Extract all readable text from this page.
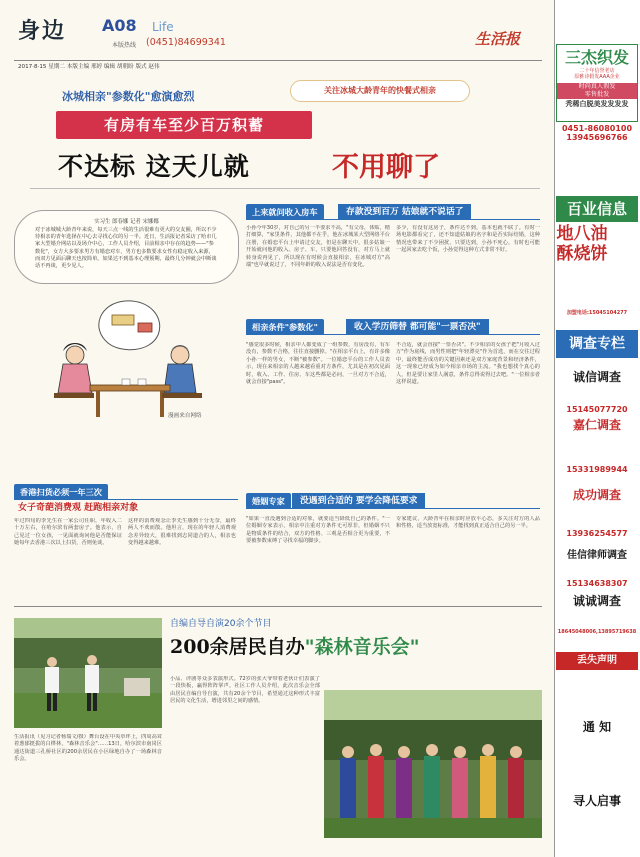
身边 A08 Life
本版热线 (0451)84699341	生活报
2017·8·15 星期二 本版主编 邢婷 编辑 胡朝盼 版式 赵伟
冰城相亲"参数化"愈演愈烈	关注冰城大龄青年的快餐式相亲
有房有车至少百万积蓄
不达标 这天儿就	不用聊了
实习生 郎春娜 记者 宋娜娜
对于冰城城大龄青年来说，每天三点一线的生活很难有更大的交友圈，所以不少待相亲的青年选择在中心去寻找心仪的另一半。近日，生活报记者采访了哈市几家大型婚介网站以及场介中心，工作人员介绍，目前相亲中存在的趋势——"参数化"，女方大多要求男方有婚恋对车，男方也多数要求女性有稳定收入来源，而双方见面后聊天也按简单。如果达不到基本心理预期，最终几分钟就会中断谈话不再谈，更少见人。
漫画来自网络
上来就问收入房车	存款没到百万 姑娘就不说话了
小孙今年30岁，对自己的另一半要求不高，"有父母，体贴，精打细算，"家里条件，其他都不在乎，他在冰城某大型网络平台注册，在婚恋平台上申请过交友，但是在聊天中，很多姑娘一开始就问他的收入、房子、车，只要他回答没有，对方马上就转身说再见了，所以现在有时候会直接相亲，在冰城对方"高端"也早就说过了，不同年龄的收入说法是否有变化。
多少，有没有这房子，条件达不到，基本也就不联了。有时一场电影都看完了，还不知道姑娘的名字和是否实际结婚，这种情况也带来了不少困扰，只要达到，小孙不死心，有时也可能一起回家去吃个饭，小孙觉得这种方式非常不好。
相亲条件"参数化"	收入学历筛替 都可能"一票否决"
"感觉很多时候，相亲中人都变成了一组参数，有房没有，有车没有，参数不合格，往往直接删掉。"在相亲平台上，有许多像小孙一样的男女，不断"被参数"。一位婚恋平台的工作人员表示，现在来相亲的人越来越看重对方条件，尤其是在初次见面时，收入、工作、住房、车这些都是必问，一旦对方不合适，就会直接"pass"。
不合适，就会直接"一票否决"。不少相亲的女孩子把"月收入过万"作为底线，而男性则把"年轻漂亮"作为首选，而在交往过程中，最终能否成功的关键因素还是双方家庭背景和经济条件，这一现象已经成为如今相亲市场的主流。"我也想找个真心的人，但是要让家里人满意，条件总得说得过去吧。"一位相亲者这样说道。
香港扫货必须一年三次
女子奇葩消费观 赶跑相亲对象
年过四旬的李先生在一家公司任职，年收入二十万左右，在哈尔滨有两套房子。他表示，自己见过一位女孩，一见面就询问他是否能保证她每年去香港三次以上扫货，否则免谈。
这样的消费观念让李先生感到十分无奈，最终两人不欢而散。他坦言，现在的年轻人消费观念差异较大，很难找到志同道合的人，相亲也变得越来越难。
婚姻专家	没遇到合适的 要学会降低要求
"如果一直没遇到合适的对象，就要适当降低自己的条件。"一位婚姻专家表示，相亲中注重对方条件无可厚非，但婚姻不只是物质条件的结合，双方的性格、三观是否相合更为重要，不要被参数束缚了寻找幸福的脚步。
专家建议，大龄青年在相亲时应放平心态，多关注对方的人品和性格，适当放宽标准，才能找到真正适合自己的另一半。
生活报讯（见习记者杨瑞文/摄）舞台设在中央草坪上，四周高耸着葱郁挺拔的白桦林，"森林音乐会"……13日，哈尔滨市南岗区通达街道三孔桥社区的200余居民在小区绿地自办了一场森林音乐会。
自编自导自演20余个节目
200余居民自办"森林音乐会"
小品、评剧等众多表演形式。72岁的张大爷带着老伙计们表演了一段快板，赢得阵阵掌声。社区工作人员介绍，此次音乐会全部由居民自编自导自演，共有20余个节目，希望通过这种形式丰富居民的文化生活，增进邻里之间的感情。
三杰织发
二十年信誉老店
原雅诗假发AAA企业
时尚真人假发
零售批发
秃稀白脱美发发发发
0451-86080100
13945696766
百业信息
地八油酥烧饼
加盟电话:15045104277
调查专栏
诚信调查
15145077720
嘉仁调查
15331989944
成功调查
13936254577
佳信律师调查
15134638307
诚诚调查
18645048006,13895719638
丢失声明
通 知
寻人启事
